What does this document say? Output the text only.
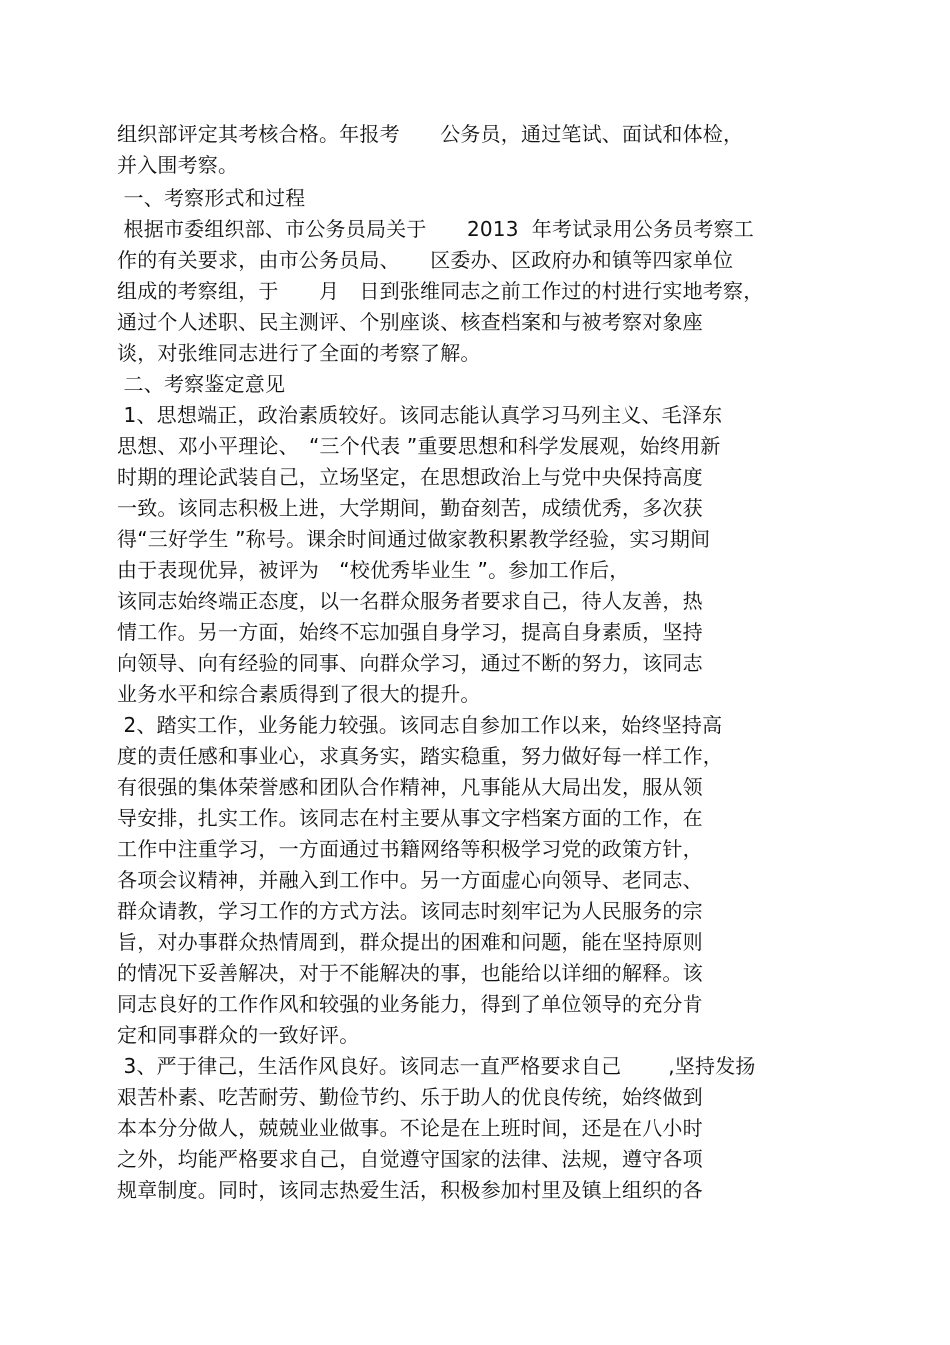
组织部评定其考核合格。年报考　　公务员，通过笔试、面试和体检，
并入围考察。
一、考察形式和过程
根据市委组织部、市公务员局关于　　2013  年考试录用公务员考察工
作的有关要求，由市公务员局、　　区委办、区政府办和镇等四家单位
组成的考察组，于　　月　日到张维同志之前工作过的村进行实地考察，
通过个人述职、民主测评、个别座谈、核查档案和与被考察对象座
谈，对张维同志进行了全面的考察了解。
二、考察鉴定意见
1、思想端正，政治素质较好。该同志能认真学习马列主义、毛泽东
思想、邓小平理论、　“三个代表 ”重要思想和科学发展观，始终用新
时期的理论武装自己，立场坚定，在思想政治上与党中央保持高度
一致。该同志积极上进，大学期间，勤奋刻苦，成绩优秀，多次获
得“三好学生 ”称号。课余时间通过做家教积累教学经验，实习期间
由于表现优异，被评为　“校优秀毕业生 ”。参加工作后，
该同志始终端正态度，以一名群众服务者要求自己，待人友善，热
情工作。另一方面，始终不忘加强自身学习，提高自身素质，坚持
向领导、向有经验的同事、向群众学习，通过不断的努力，该同志
业务水平和综合素质得到了很大的提升。
2、踏实工作，业务能力较强。该同志自参加工作以来，始终坚持高
度的责任感和事业心，求真务实，踏实稳重，努力做好每一样工作，
有很强的集体荣誉感和团队合作精神，凡事能从大局出发，服从领
导安排，扎实工作。该同志在村主要从事文字档案方面的工作，在
工作中注重学习，一方面通过书籍网络等积极学习党的政策方针，
各项会议精神，并融入到工作中。另一方面虚心向领导、老同志、
群众请教，学习工作的方式方法。该同志时刻牢记为人民服务的宗
旨，对办事群众热情周到，群众提出的困难和问题，能在坚持原则
的情况下妥善解决，对于不能解决的事，也能给以详细的解释。该
同志良好的工作作风和较强的业务能力，得到了单位领导的充分肯
定和同事群众的一致好评。
3、严于律己，生活作风良好。该同志一直严格要求自己　　 ,坚持发扬
艰苦朴素、吃苦耐劳、勤俭节约、乐于助人的优良传统，始终做到
本本分分做人，兢兢业业做事。不论是在上班时间，还是在八小时
之外，均能严格要求自己，自觉遵守国家的法律、法规，遵守各项
规章制度。同时，该同志热爱生活，积极参加村里及镇上组织的各
